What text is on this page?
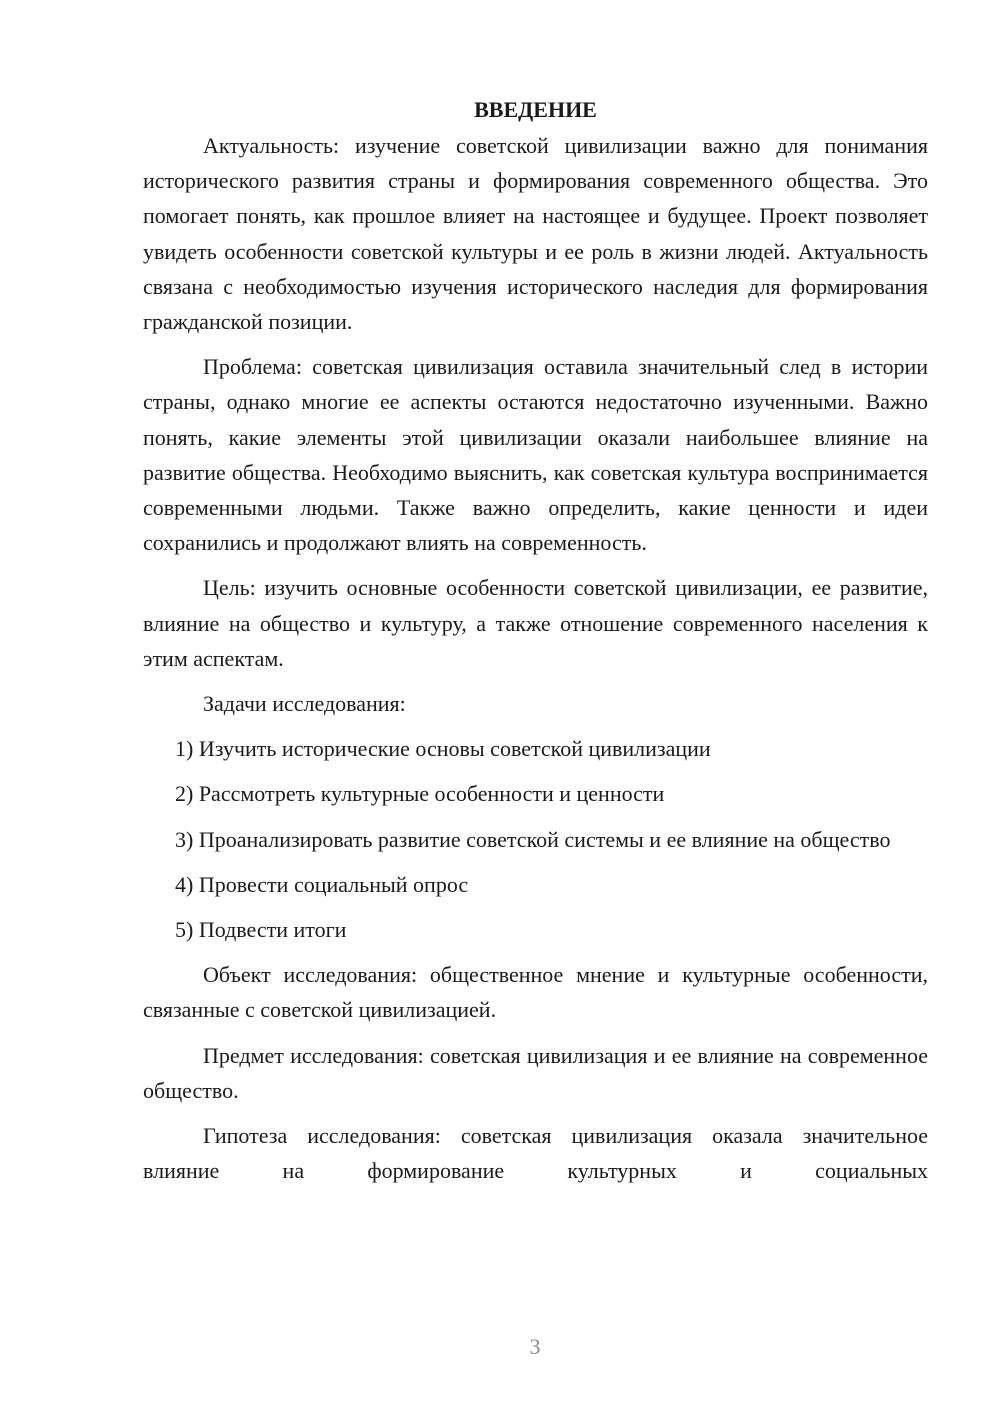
ВВЕДЕНИЕ

Актуальность: изучение советской цивилизации важно для понимания исторического развития страны и формирования современного общества. Это помогает понять, как прошлое влияет на настоящее и будущее. Проект позволяет увидеть особенности советской культуры и ее роль в жизни людей. Актуальность связана с необходимостью изучения исторического наследия для формирования гражданской позиции.

Проблема: советская цивилизация оставила значительный след в истории страны, однако многие ее аспекты остаются недостаточно изученными. Важно понять, какие элементы этой цивилизации оказали наибольшее влияние на развитие общества. Необходимо выяснить, как советская культура воспринимается современными людьми. Также важно определить, какие ценности и идеи сохранились и продолжают влиять на современность.

Цель: изучить основные особенности советской цивилизации, ее развитие, влияние на общество и культуру, а также отношение современного населения к этим аспектам.

Задачи исследования:

1) Изучить исторические основы советской цивилизации

2) Рассмотреть культурные особенности и ценности

3) Проанализировать развитие советской системы и ее влияние на общество

4) Провести социальный опрос

5) Подвести итоги

Объект исследования: общественное мнение и культурные особенности, связанные с советской цивилизацией.

Предмет исследования: советская цивилизация и ее влияние на современное общество.

Гипотеза исследования: советская цивилизация оказала значительное влияние на формирование культурных и социальных

3
